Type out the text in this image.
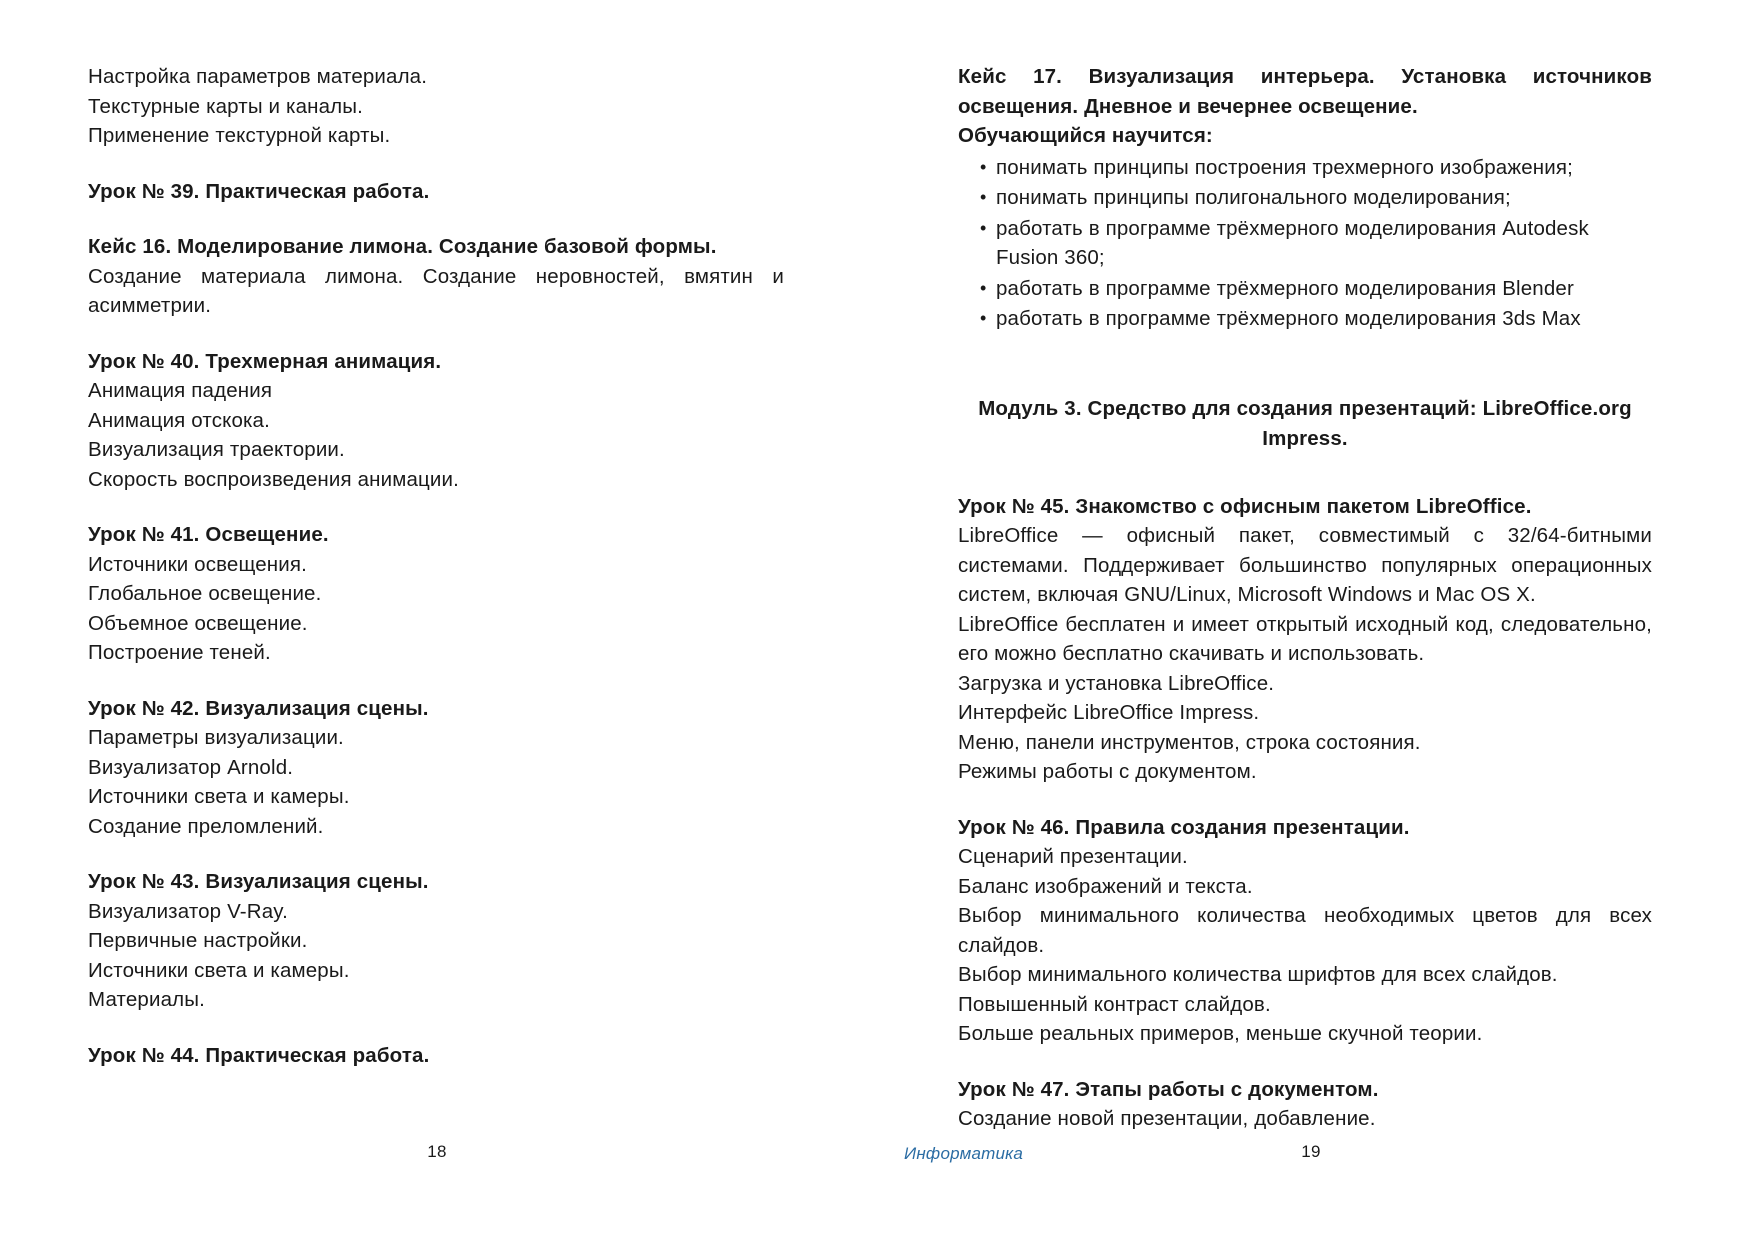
Настройка параметров материала.

Текстурные карты и каналы.

Применение текстурной карты.

Урок № 39. Практическая работа.

Кейс 16. Моделирование лимона. Создание базовой формы.

Создание материала лимона. Создание неровностей, вмятин и асимметрии.

Урок № 40. Трехмерная анимация.

Анимация падения

Анимация отскока.

Визуализация траектории.

Скорость воспроизведения анимации.

Урок № 41. Освещение.

Источники освещения.

Глобальное освещение.

Объемное освещение.

Построение теней.

Урок № 42. Визуализация сцены.

Параметры визуализации.

Визуализатор Arnold.

Источники света и камеры.

Создание преломлений.

Урок № 43. Визуализация сцены.

Визуализатор V-Ray.

Первичные настройки.

Источники света и камеры.

Материалы.

Урок № 44. Практическая работа.

18

Кейс 17. Визуализация интерьера. Установка источников освещения. Дневное и вечернее освещение.

Обучающийся научится:

• понимать принципы построения трехмерного изображения;
• понимать принципы полигонального моделирования;
• работать в программе трёхмерного моделирования Autodesk Fusion 360;
• работать в программе трёхмерного моделирования Blender
• работать в программе трёхмерного моделирования 3ds Max

Модуль 3. Средство для создания презентаций: LibreOffice.org Impress.

Урок № 45. Знакомство с офисным пакетом LibreOffice.

LibreOffice — офисный пакет, совместимый с 32/64-битными системами. Поддерживает большинство популярных операционных систем, включая GNU/Linux, Microsoft Windows и Mac OS X.

LibreOffice бесплатен и имеет открытый исходный код, следовательно, его можно бесплатно скачивать и использовать.

Загрузка и установка LibreOffice.

Интерфейс LibreOffice Impress.

Меню, панели инструментов, строка состояния.

Режимы работы с документом.

Урок № 46. Правила создания презентации.

Сценарий презентации.

Баланс изображений и текста.

Выбор минимального количества необходимых цветов для всех слайдов.

Выбор минимального количества шрифтов для всех слайдов.

Повышенный контраст слайдов.

Больше реальных примеров, меньше скучной теории.

Урок № 47. Этапы работы с документом.

Создание новой презентации, добавление.

Информатика	19
